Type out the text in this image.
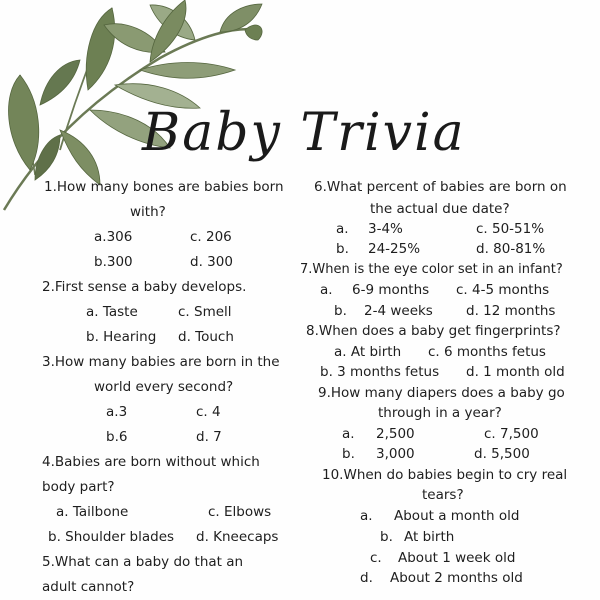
Baby Trivia
1.How many bones are babies born
with?
a.306	c. 206
b.300	d. 300
2.First sense a baby develops.
a. Taste	c. Smell
b. Hearing d. Touch
3.How many babies are born in the
world every second?
a.3	c. 4
b.6	d. 7
4.Babies are born without which
body part?
a. Tailbone	c. Elbows
b. Shoulder blades d. Kneecaps
5.What can a baby do that an
adult cannot?
6.What percent of babies are born on
the actual due date?
a. 3-4%	c. 50-51%
b. 24-25%	d. 80-81%
7.When is the eye color set in an infant?
a. 6-9 months c. 4-5 months
b. 2-4 weeks d. 12 months
8.When does a baby get fingerprints?
a. At birth c. 6 months fetus
b. 3 months fetus d. 1 month old
9.How many diapers does a baby go
through in a year?
a. 2,500	c. 7,500
b. 3,000	d. 5,500
10.When do babies begin to cry real
tears?
a. About a month old
b. At birth
c. About 1 week old
d. About 2 months old
